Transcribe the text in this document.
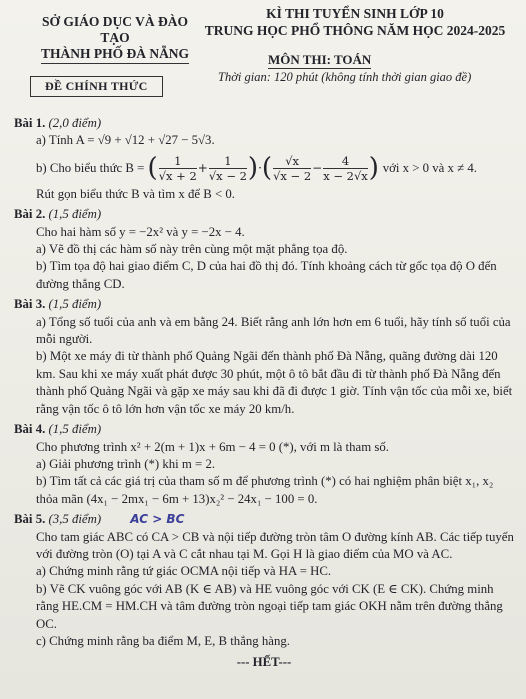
SỞ GIÁO DỤC VÀ ĐÀO TẠO
THÀNH PHỐ ĐÀ NẴNG
KÌ THI TUYỂN SINH LỚP 10
TRUNG HỌC PHỔ THÔNG NĂM HỌC 2024-2025
MÔN THI: TOÁN
Thời gian: 120 phút (không tính thời gian giao đề)
ĐỀ CHÍNH THỨC

Bài 1. (2,0 điểm)

a) Tính A = √9 + √12 + √27 − 5√3.

b) Cho biểu thức B = ( $\frac{1}{√x + 2} + \frac{1}{√x - 2}$ )·( $\frac{√x}{√x - 2} - \frac{4}{x - 2√x}$ ) với x > 0 và x ≠ 4.

Rút gọn biểu thức B và tìm x để B < 0.

Bài 2. (1,5 điểm)

Cho hai hàm số y = −2x² và y = −2x − 4.

a) Vẽ đồ thị các hàm số này trên cùng một mặt phẳng tọa độ.

b) Tìm tọa độ hai giao điểm C, D của hai đồ thị đó. Tính khoảng cách từ gốc tọa độ O đến đường thẳng CD.

Bài 3. (1,5 điểm)

a) Tổng số tuổi của anh và em bằng 24. Biết rằng anh lớn hơn em 6 tuổi, hãy tính số tuổi của mỗi người.

b) Một xe máy đi từ thành phố Quảng Ngãi đến thành phố Đà Nẵng, quãng đường dài 120 km. Sau khi xe máy xuất phát được 30 phút, một ô tô bắt đầu đi từ thành phố Đà Nẵng đến thành phố Quảng Ngãi và gặp xe máy sau khi đã đi được 1 giờ. Tính vận tốc của mỗi xe, biết rằng vận tốc ô tô lớn hơn vận tốc xe máy 20 km/h.

Bài 4. (1,5 điểm)

Cho phương trình x² + 2(m + 1)x + 6m − 4 = 0 (*), với m là tham số.

a) Giải phương trình (*) khi m = 2.

b) Tìm tất cả các giá trị của tham số m để phương trình (*) có hai nghiệm phân biệt x₁, x₂ thỏa mãn (4x₁ − 2mx₁ − 6m + 13)x₂² − 24x₁ − 100 = 0.

Bài 5. (3,5 điểm) AC > BC

Cho tam giác ABC có CA > CB và nội tiếp đường tròn tâm O đường kính AB. Các tiếp tuyến với đường tròn (O) tại A và C cắt nhau tại M. Gọi H là giao điểm của MO và AC.

a) Chứng minh rằng tứ giác OCMA nội tiếp và HA = HC.

b) Vẽ CK vuông góc với AB (K ∈ AB) và HE vuông góc với CK (E ∈ CK). Chứng minh rằng HE.CM = HM.CH và tâm đường tròn ngoại tiếp tam giác OKH nằm trên đường thẳng OC.

c) Chứng minh rằng ba điểm M, E, B thẳng hàng.

--- HẾT---
